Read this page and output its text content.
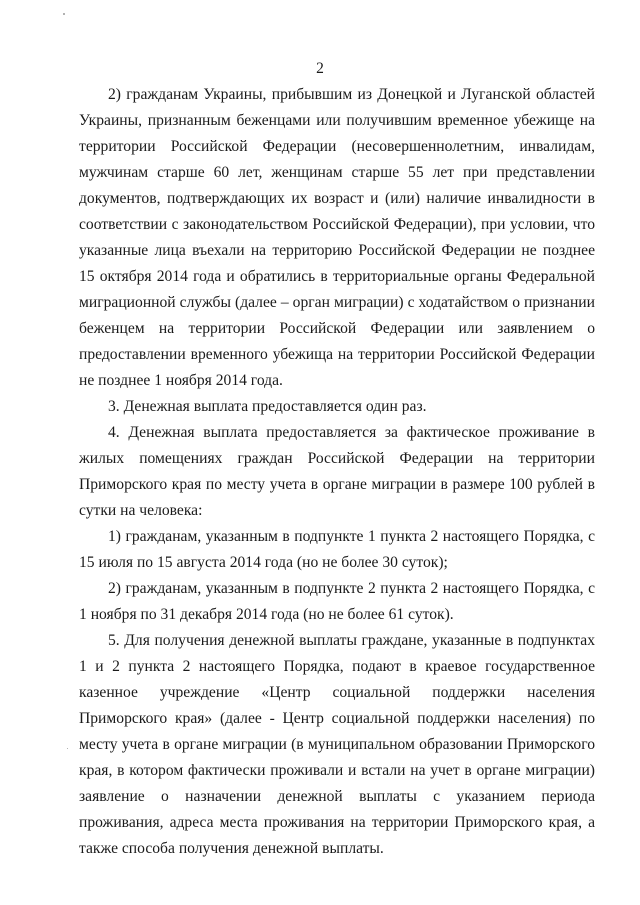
2

2) гражданам Украины, прибывшим из Донецкой и Луганской областей Украины, признанным беженцами или получившим временное убежище на территории Российской Федерации (несовершеннолетним, инвалидам, мужчинам старше 60 лет, женщинам старше 55 лет при представлении документов, подтверждающих их возраст и (или) наличие инвалидности в соответствии с законодательством Российской Федерации), при условии, что указанные лица въехали на территорию Российской Федерации не позднее 15 октября 2014 года и обратились в территориальные органы Федеральной миграционной службы (далее – орган миграции) с ходатайством о признании беженцем на территории Российской Федерации или заявлением о предоставлении временного убежища на территории Российской Федерации не позднее 1 ноября 2014 года.

3. Денежная выплата предоставляется один раз.

4. Денежная выплата предоставляется за фактическое проживание в жилых помещениях граждан Российской Федерации на территории Приморского края по месту учета в органе миграции в размере 100 рублей в сутки на человека:

1) гражданам, указанным в подпункте 1 пункта 2 настоящего Порядка, с 15 июля по 15 августа 2014 года (но не более 30 суток);

2) гражданам, указанным в подпункте 2 пункта 2 настоящего Порядка, с 1 ноября по 31 декабря 2014 года (но не более 61 суток).

5. Для получения денежной выплаты граждане, указанные в подпунктах 1 и 2 пункта 2 настоящего Порядка, подают в краевое государственное казенное учреждение «Центр социальной поддержки населения Приморского края» (далее - Центр социальной поддержки населения) по месту учета в органе миграции (в муниципальном образовании Приморского края, в котором фактически проживали и встали на учет в органе миграции) заявление о назначении денежной выплаты с указанием периода проживания, адреса места проживания на территории Приморского края, а также способа получения денежной выплаты.
